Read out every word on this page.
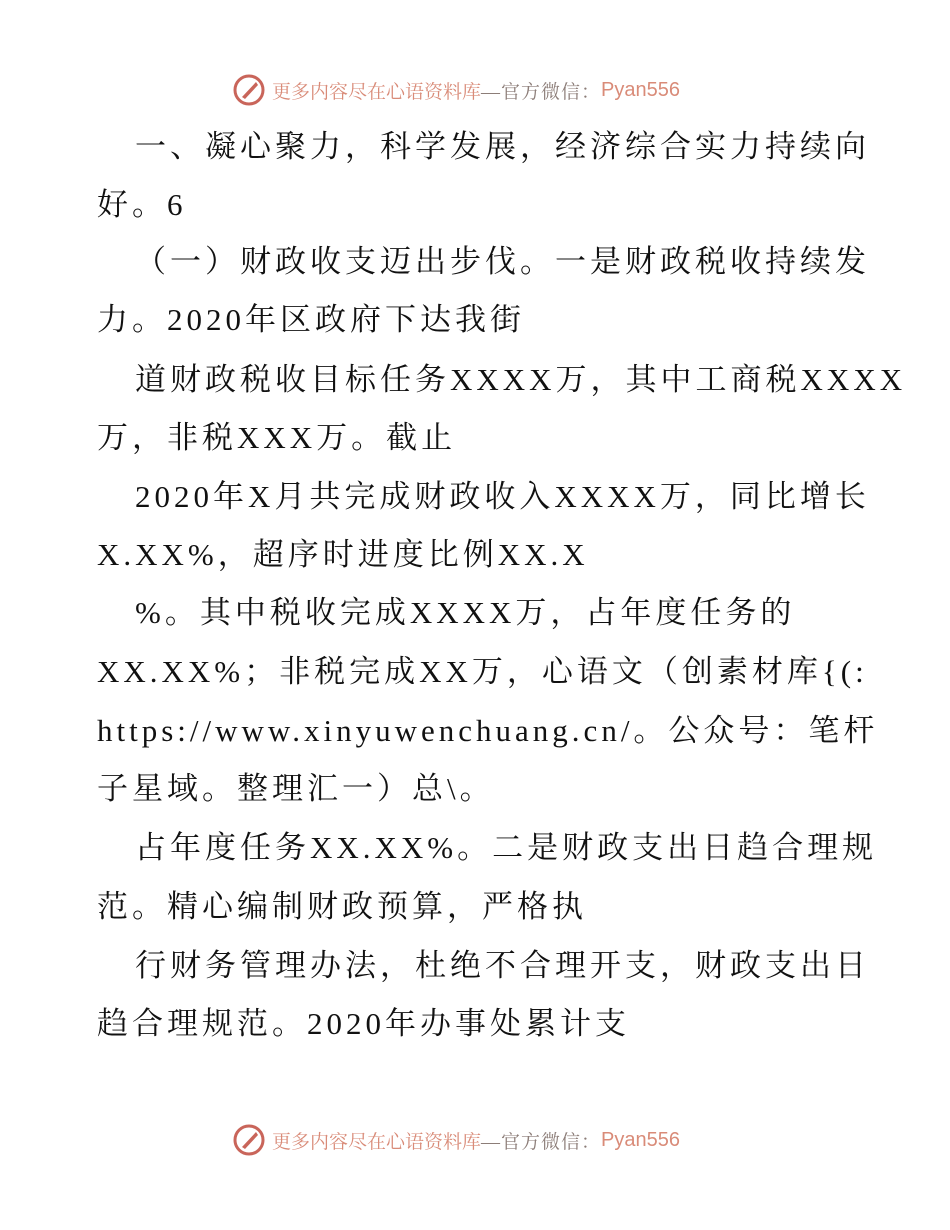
更多内容尽在心语资料库 —官方微信： Pyan556
一、凝心聚力，科学发展，经济综合实力持续向
好。6
（一）财政收支迈出步伐。一是财政税收持续发
力。2020年区政府下达我街
道财政税收目标任务XXXX万，其中工商税XXXX
万，非税XXX万。截止
2020年X月共完成财政收入XXXX万，同比增长
X.XX%，超序时进度比例XX.X
%。其中税收完成XXXX万，占年度任务的
XX.XX%；非税完成XX万，心语文（创素材库{(:
https://www.xinyuwenchuang.cn/。公众号：笔杆
子星域。整理汇一）总\。
占年度任务XX.XX%。二是财政支出日趋合理规
范。精心编制财政预算，严格执
行财务管理办法，杜绝不合理开支，财政支出日
趋合理规范。2020年办事处累计支
更多内容尽在心语资料库 —官方微信： Pyan556
